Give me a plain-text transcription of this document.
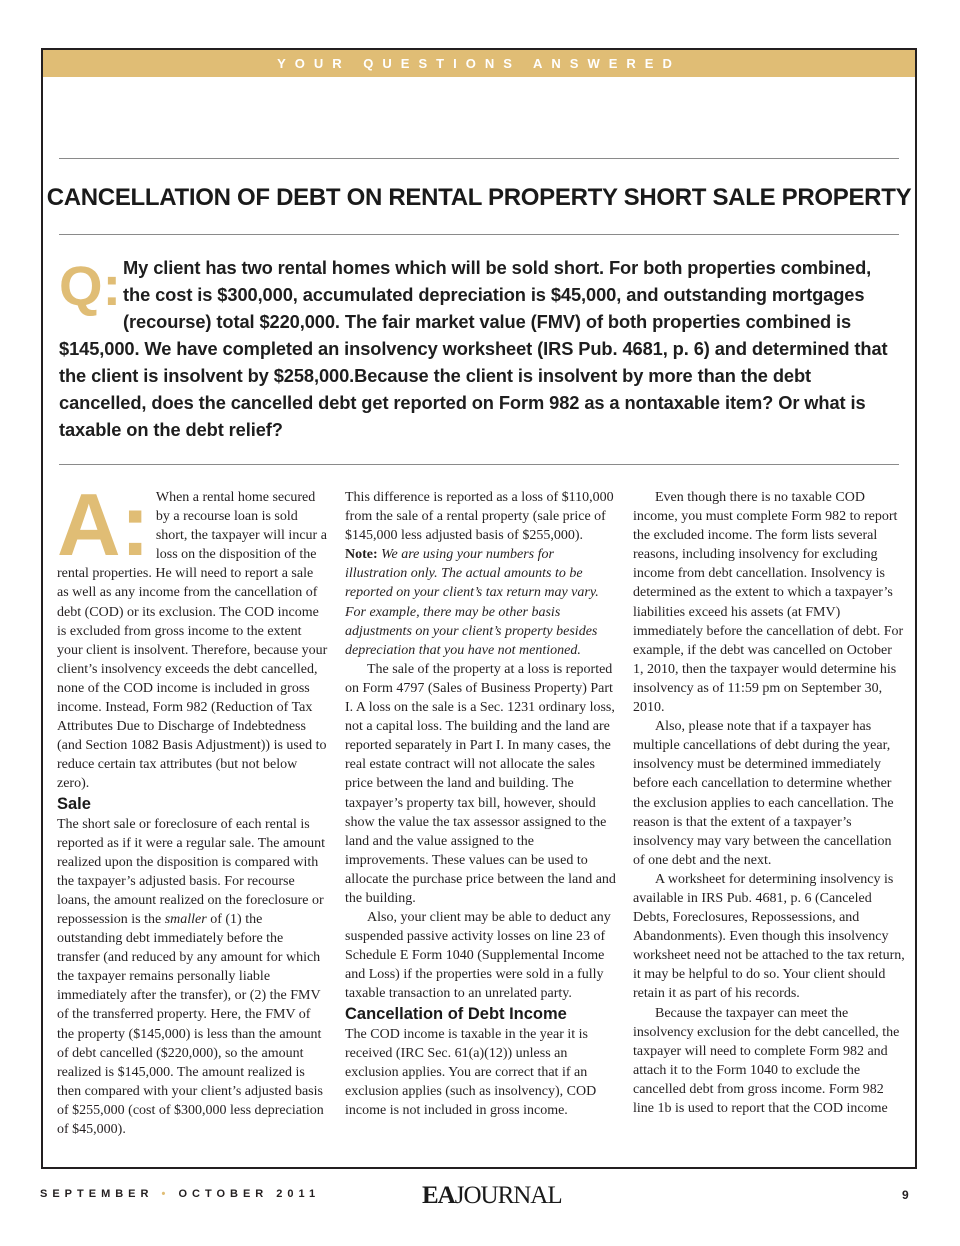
YOUR QUESTIONS ANSWERED
CANCELLATION OF DEBT ON RENTAL PROPERTY SHORT SALE PROPERTY
Q: My client has two rental homes which will be sold short. For both properties combined, the cost is $300,000, accumulated depreciation is $45,000, and outstanding mortgages (recourse) total $220,000. The fair market value (FMV) of both properties combined is $145,000. We have completed an insolvency worksheet (IRS Pub. 4681, p. 6) and determined that the client is insolvent by $258,000.Because the client is insolvent by more than the debt cancelled, does the cancelled debt get reported on Form 982 as a nontaxable item? Or what is taxable on the debt relief?
A: When a rental home secured by a recourse loan is sold short, the taxpayer will incur a loss on the disposition of the rental properties. He will need to report a sale as well as any income from the cancellation of debt (COD) or its exclusion. The COD income is excluded from gross income to the extent your client is insolvent. Therefore, because your client’s insolvency exceeds the debt cancelled, none of the COD income is included in gross income. Instead, Form 982 (Reduction of Tax Attributes Due to Discharge of Indebtedness (and Section 1082 Basis Adjustment)) is used to reduce certain tax attributes (but not below zero).

Sale

The short sale or foreclosure of each rental is reported as if it were a regular sale. The amount realized upon the disposition is compared with the taxpayer’s adjusted basis. For recourse loans, the amount realized on the foreclosure or repossession is the smaller of (1) the outstanding debt immediately before the transfer (and reduced by any amount for which the taxpayer remains personally liable immediately after the transfer), or (2) the FMV of the transferred property. Here, the FMV of the property ($145,000) is less than the amount of debt cancelled ($220,000), so the amount realized is $145,000. The amount realized is then compared with your client’s adjusted basis of $255,000 (cost of $300,000 less depreciation of $45,000).

This difference is reported as a loss of $110,000 from the sale of a rental property (sale price of $145,000 less adjusted basis of $255,000).

Note: We are using your numbers for illustration only. The actual amounts to be reported on your client’s tax return may vary. For example, there may be other basis adjustments on your client’s property besides depreciation that you have not mentioned.

The sale of the property at a loss is reported on Form 4797 (Sales of Business Property) Part I. A loss on the sale is a Sec. 1231 ordinary loss, not a capital loss. The building and the land are reported separately in Part I. In many cases, the real estate contract will not allocate the sales price between the land and building. The taxpayer’s property tax bill, however, should show the value the tax assessor assigned to the land and the value assigned to the improvements. These values can be used to allocate the purchase price between the land and the building.

Also, your client may be able to deduct any suspended passive activity losses on line 23 of Schedule E Form 1040 (Supplemental Income and Loss) if the properties were sold in a fully taxable transaction to an unrelated party.

Cancellation of Debt Income

The COD income is taxable in the year it is received (IRC Sec. 61(a)(12)) unless an exclusion applies. You are correct that if an exclusion applies (such as insolvency), COD income is not included in gross income.

Even though there is no taxable COD income, you must complete Form 982 to report the excluded income. The form lists several reasons, including insolvency for excluding income from debt cancellation. Insolvency is determined as the extent to which a taxpayer’s liabilities exceed his assets (at FMV) immediately before the cancellation of debt. For example, if the debt was cancelled on October 1, 2010, then the taxpayer would determine his insolvency as of 11:59 pm on September 30, 2010.

Also, please note that if a taxpayer has multiple cancellations of debt during the year, insolvency must be determined immediately before each cancellation to determine whether the exclusion applies to each cancellation. The reason is that the extent of a taxpayer’s insolvency may vary between the cancellation of one debt and the next.

A worksheet for determining insolvency is available in IRS Pub. 4681, p. 6 (Canceled Debts, Foreclosures, Repossessions, and Abandonments). Even though this insolvency worksheet need not be attached to the tax return, it may be helpful to do so. Your client should retain it as part of his records.

Because the taxpayer can meet the insolvency exclusion for the debt cancelled, the taxpayer will need to complete Form 982 and attach it to the Form 1040 to exclude the cancelled debt from gross income. Form 982 line 1b is used to report that the COD income

SEPTEMBER • OCTOBER 2011	EAJOURNAL	9
